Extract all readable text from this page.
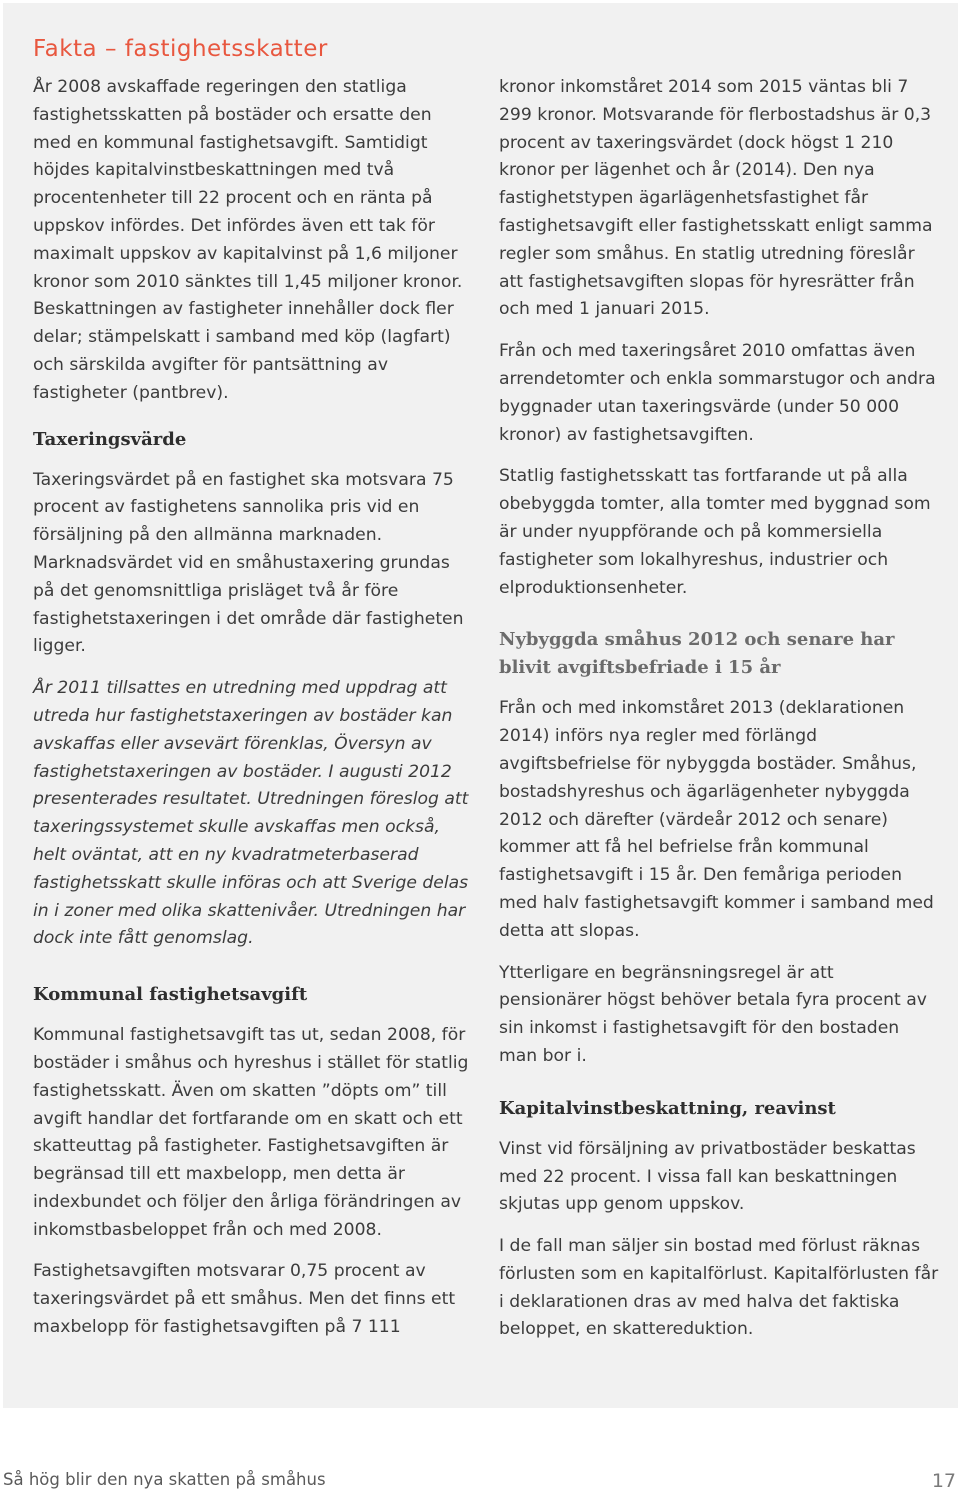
Fakta – fastighetsskatter

År 2008 avskaffade regeringen den statliga fastighetsskatten på bostäder och ersatte den med en kommunal fastighetsavgift. Samtidigt höjdes kapitalvinstbeskattningen med två procentenheter till 22 procent och en ränta på uppskov infördes. Det infördes även ett tak för maximalt uppskov av kapitalvinst på 1,6 miljoner kronor som 2010 sänktes till 1,45 miljoner kronor. Beskattningen av fastigheter innehåller dock fler delar; stämpelskatt i samband med köp (lagfart) och särskilda avgifter för pantsättning av fastigheter (pantbrev).

Taxeringsvärde

Taxeringsvärdet på en fastighet ska motsvara 75 procent av fastighetens sannolika pris vid en försäljning på den allmänna marknaden. Marknadsvärdet vid en småhustaxering grundas på det genomsnittliga prisläget två år före fastighetstaxeringen i det område där fastigheten ligger.

År 2011 tillsattes en utredning med uppdrag att utreda hur fastighetstaxeringen av bostäder kan avskaffas eller avsevärt förenklas, Översyn av fastighetstaxeringen av bostäder. I augusti 2012 presenterades resultatet. Utredningen föreslog att taxeringssystemet skulle avskaffas men också, helt oväntat, att en ny kvadratmeterbaserad fastighetsskatt skulle införas och att Sverige delas in i zoner med olika skattenivåer. Utredningen har dock inte fått genomslag.

Kommunal fastighetsavgift

Kommunal fastighetsavgift tas ut, sedan 2008, för bostäder i småhus och hyreshus i stället för statlig fastighetsskatt. Även om skatten ”döpts om” till avgift handlar det fortfarande om en skatt och ett skatteuttag på fastigheter. Fastighetsavgiften är begränsad till ett maxbelopp, men detta är indexbundet och följer den årliga förändringen av inkomstbasbeloppet från och med 2008.

Fastighetsavgiften motsvarar 0,75 procent av taxeringsvärdet på ett småhus. Men det finns ett maxbelopp för fastighetsavgiften på 7 111

kronor inkomståret 2014 som 2015 väntas bli 7 299 kronor. Motsvarande för flerbostadshus är 0,3 procent av taxeringsvärdet (dock högst 1 210 kronor per lägenhet och år (2014). Den nya fastighetstypen ägarlägenhetsfastighet får fastighetsavgift eller fastighetsskatt enligt samma regler som småhus. En statlig utredning föreslår att fastighetsavgiften slopas för hyresrätter från och med 1 januari 2015.

Från och med taxeringsåret 2010 omfattas även arrendetomter och enkla sommarstugor och andra byggnader utan taxeringsvärde (under 50 000 kronor) av fastighetsavgiften.

Statlig fastighetsskatt tas fortfarande ut på alla obebyggda tomter, alla tomter med byggnad som är under nyuppförande och på kommersiella fastigheter som lokalhyreshus, industrier och elproduktionsenheter.

Nybyggda småhus 2012 och senare har blivit avgiftsbefriade i 15 år

Från och med inkomståret 2013 (deklarationen 2014) införs nya regler med förlängd avgiftsbefrielse för nybyggda bostäder. Småhus, bostadshyreshus och ägarlägenheter nybyggda 2012 och därefter (värdeår 2012 och senare) kommer att få hel befrielse från kommunal fastighetsavgift i 15 år. Den femåriga perioden med halv fastighetsavgift kommer i samband med detta att slopas.

Ytterligare en begränsningsregel är att pensionärer högst behöver betala fyra procent av sin inkomst i fastighetsavgift för den bostaden man bor i.

Kapitalvinstbeskattning, reavinst

Vinst vid försäljning av privatbostäder beskattas med 22 procent. I vissa fall kan beskattningen skjutas upp genom uppskov.

I de fall man säljer sin bostad med förlust räknas förlusten som en kapitalförlust. Kapitalförlusten får i deklarationen dras av med halva det faktiska beloppet, en skattereduktion.

Så hög blir den nya skatten på småhus	17
